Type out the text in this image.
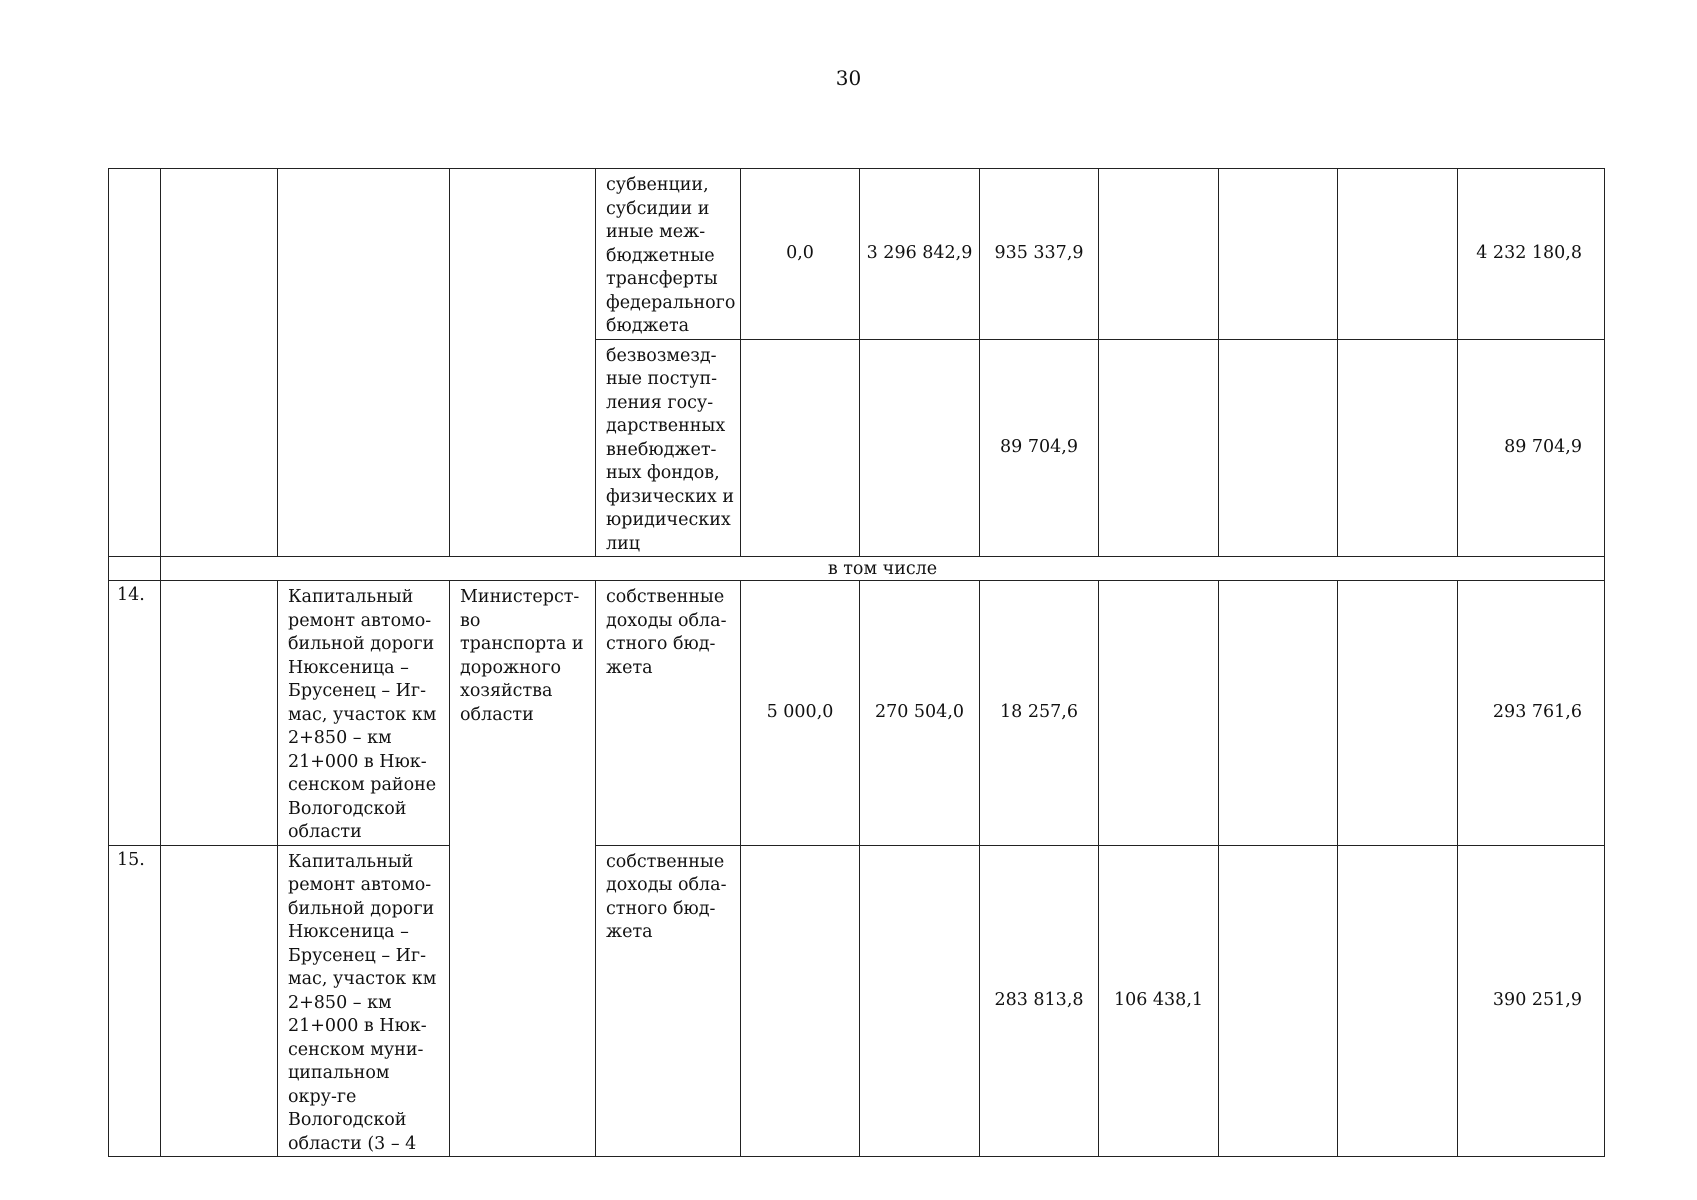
30
				субвенции, субсидии и иные меж-бюджетные трансферты федерального бюджета	0,0	3 296 842,9	935 337,9				4 232 180,8
				безвозмезд-ные поступ-ления госу-дарственных внебюджет-ных фондов, физических и юридических лиц			89 704,9				89 704,9
	в том числе										
14.		Капитальный ремонт автомо-бильной дороги Нюксеница – Брусенец – Иг-мас, участок км 2+850 – км 21+000 в Нюк-сенском районе Вологодской области	Министерст-во транспорта и дорожного хозяйства области	собственные доходы обла-стного бюд-жета	5 000,0	270 504,0	18 257,6				293 761,6
15.		Капитальный ремонт автомо-бильной дороги Нюксеница – Брусенец – Иг-мас, участок км 2+850 – км 21+000 в Нюк-сенском муни-ципальном окру-ге Вологодской области (3 – 4		собственные доходы обла-стного бюд-жета			283 813,8	106 438,1			390 251,9
